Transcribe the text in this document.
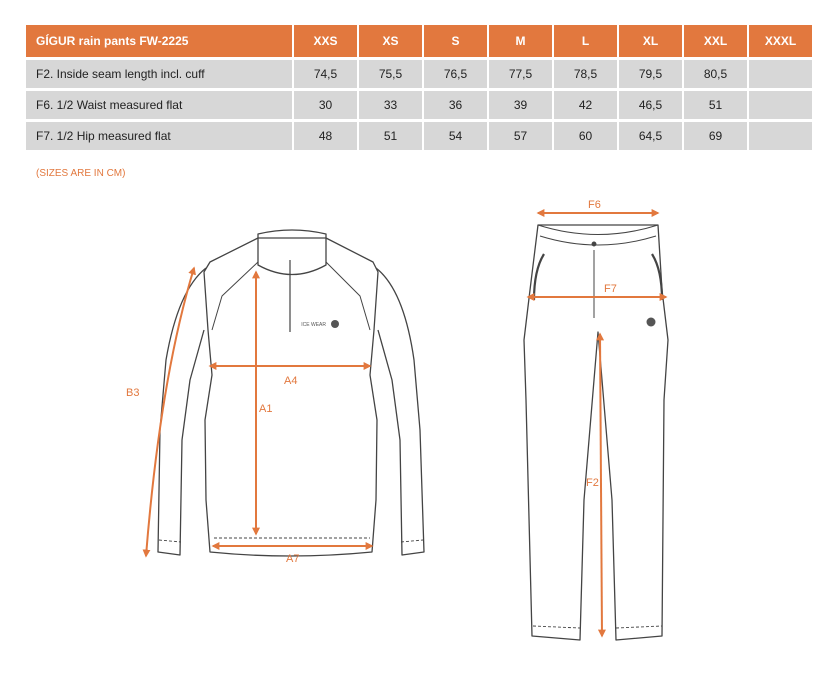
GÍGUR rain pants FW-2225	XXS	XS	S	M	L	XL	XXL	XXXL
F2. Inside seam length incl. cuff	74,5	75,5	76,5	77,5	78,5	79,5	80,5	
F6. 1/2 Waist measured flat	30	33	36	39	42	46,5	51	
F7. 1/2 Hip measured flat	48	51	54	57	60	64,5	69	
(SIZES ARE IN CM)
ICE WEAR
B3
A1
A4
A7
F6
F7
F2
